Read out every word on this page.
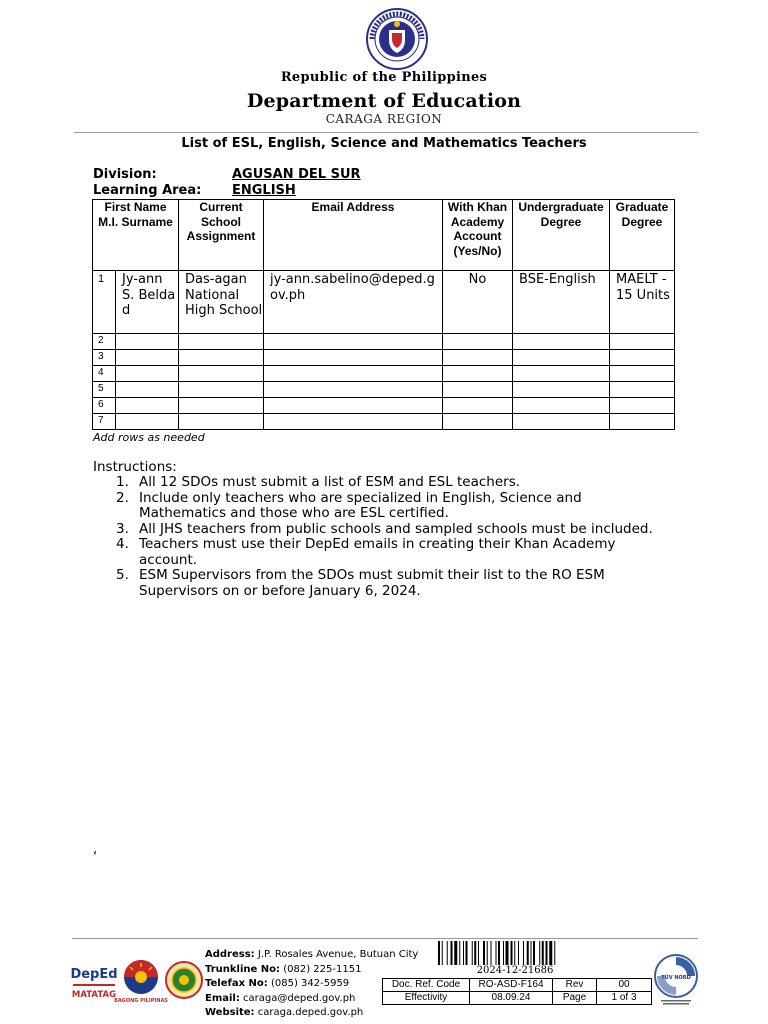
Republic of the Philippines
Department of Education
CARAGA REGION
List of ESL, English, Science and Mathematics Teachers
Division:	AGUSAN DEL SUR
Learning Area: ENGLISH
First Name M.I. Surname		Current School Assignment	Email Address	With Khan Academy Account (Yes/No)	Undergraduate Degree	Graduate Degree
1	Jy-ann S. Belda d	Das-agan National High School	jy-ann.sabelino@deped.gov.ph	No	BSE-English	MAELT - 15 Units
2						
3						
4						
5						
6						
7						
Add rows as needed
Instructions:
1. All 12 SDOs must submit a list of ESM and ESL teachers.
2. Include only teachers who are specialized in English, Science and Mathematics and those who are ESL certified.
3. All JHS teachers from public schools and sampled schools must be included.
4. Teachers must use their DepEd emails in creating their Khan Academy account.
5. ESM Supervisors from the SDOs must submit their list to the RO ESM Supervisors on or before January 6, 2024.
‘
DepEd
MATATAG
BAGONG PILIPINAS
Address: J.P. Rosales Avenue, Butuan City
Trunkline No: (082) 225-1151
Telefax No: (085) 342-5959
Email: caraga@deped.gov.ph
Website: caraga.deped.gov.ph
2024-12-21686
Doc. Ref. Code	RO-ASD-F164	Rev	00
Effectivity	08.09.24	Page	1 of 3
TÜV NORD
